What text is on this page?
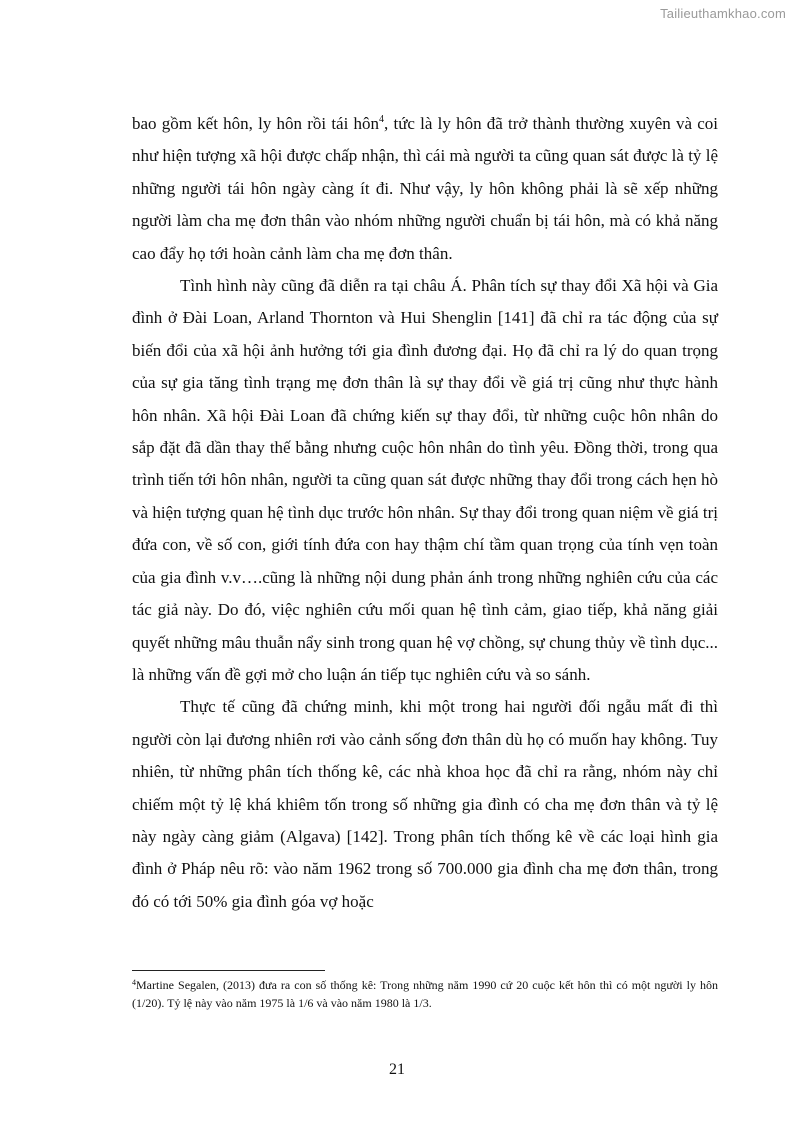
Tailieuthamkhao.com

bao gồm kết hôn, ly hôn rồi tái hôn$^4$, tức là ly hôn đã trở thành thường xuyên và coi như hiện tượng xã hội được chấp nhận, thì cái mà người ta cũng quan sát được là tỷ lệ những người tái hôn ngày càng ít đi. Như vậy, ly hôn không phải là sẽ xếp những người làm cha mẹ đơn thân vào nhóm những người chuẩn bị tái hôn, mà có khả năng cao đẩy họ tới hoàn cảnh làm cha mẹ đơn thân.

Tình hình này cũng đã diễn ra tại châu Á. Phân tích sự thay đổi Xã hội và Gia đình ở Đài Loan, Arland Thornton và Hui Shenglin [141] đã chỉ ra tác động của sự biến đổi của xã hội ảnh hưởng tới gia đình đương đại. Họ đã chỉ ra lý do quan trọng của sự gia tăng tình trạng mẹ đơn thân là sự thay đổi về giá trị cũng như thực hành hôn nhân. Xã hội Đài Loan đã chứng kiến sự thay đổi, từ những cuộc hôn nhân do sắp đặt đã dần thay thế bằng nhưng cuộc hôn nhân do tình yêu. Đồng thời, trong qua trình tiến tới hôn nhân, người ta cũng quan sát được những thay đổi trong cách hẹn hò và hiện tượng quan hệ tình dục trước hôn nhân. Sự thay đổi trong quan niệm về giá trị đứa con, về số con, giới tính đứa con hay thậm chí tầm quan trọng của tính vẹn toàn của gia đình v.v….cũng là những nội dung phản ánh trong những nghiên cứu của các tác giả này. Do đó, việc nghiên cứu mối quan hệ tình cảm, giao tiếp, khả năng giải quyết những mâu thuẫn nẩy sinh trong quan hệ vợ chồng, sự chung thủy về tình dục... là những vấn đề gợi mở cho luận án tiếp tục nghiên cứu và so sánh.

Thực tế cũng đã chứng minh, khi một trong hai người đối ngẫu mất đi thì người còn lại đương nhiên rơi vào cảnh sống đơn thân dù họ có muốn hay không. Tuy nhiên, từ những phân tích thống kê, các nhà khoa học đã chỉ ra rằng, nhóm này chỉ chiếm một tỷ lệ khá khiêm tốn trong số những gia đình có cha mẹ đơn thân và tỷ lệ này ngày càng giảm (Algava) [142]. Trong phân tích thống kê về các loại hình gia đình ở Pháp nêu rõ: vào năm 1962 trong số 700.000 gia đình cha mẹ đơn thân, trong đó có tới 50% gia đình góa vợ hoặc

$^4$Martine Segalen, (2013) đưa ra con số thống kê: Trong những năm 1990 cứ 20 cuộc kết hôn thì có một người ly hôn (1/20). Tỷ lệ này vào năm 1975 là 1/6 và vào năm 1980 là 1/3.
21
